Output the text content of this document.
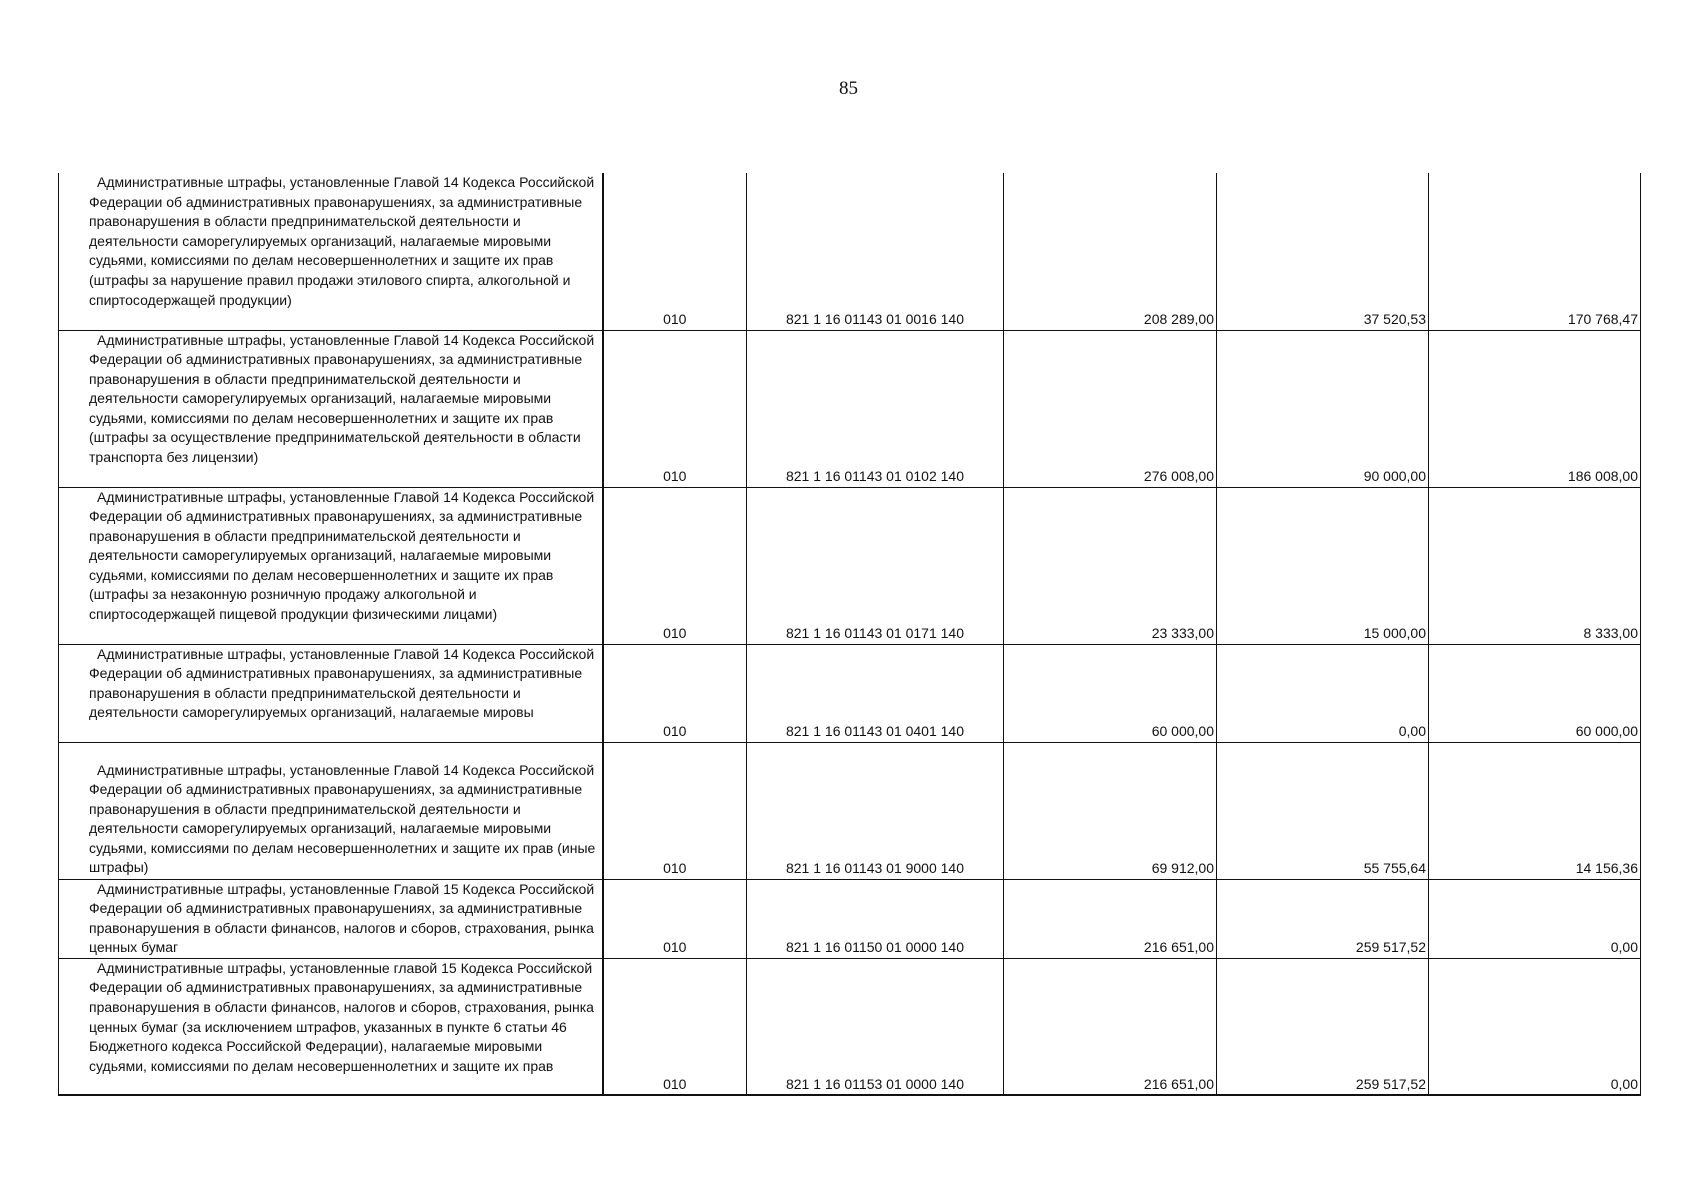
85
Административные штрафы, установленные Главой 14 Кодекса Российской Федерации об административных правонарушениях, за административные правонарушения в области предпринимательской деятельности и деятельности саморегулируемых организаций, налагаемые мировыми судьями, комиссиями по делам несовершеннолетних и защите их прав (штрафы за нарушение правил продажи этилового спирта, алкогольной и спиртосодержащей продукции)	010	821 1 16 01143 01 0016 140	208 289,00	37 520,53	170 768,47
Административные штрафы, установленные Главой 14 Кодекса Российской Федерации об административных правонарушениях, за административные правонарушения в области предпринимательской деятельности и деятельности саморегулируемых организаций, налагаемые мировыми судьями, комиссиями по делам несовершеннолетних и защите их прав (штрафы за осуществление предпринимательской деятельности в области транспорта без лицензии)	010	821 1 16 01143 01 0102 140	276 008,00	90 000,00	186 008,00
Административные штрафы, установленные Главой 14 Кодекса Российской Федерации об административных правонарушениях, за административные правонарушения в области предпринимательской деятельности и деятельности саморегулируемых организаций, налагаемые мировыми судьями, комиссиями по делам несовершеннолетних и защите их прав (штрафы за незаконную розничную продажу алкогольной и спиртосодержащей пищевой продукции физическими лицами)	010	821 1 16 01143 01 0171 140	23 333,00	15 000,00	8 333,00
Административные штрафы, установленные Главой 14 Кодекса Российской Федерации об административных правонарушениях, за административные правонарушения в области предпринимательской деятельности и деятельности саморегулируемых организаций, налагаемые мировы	010	821 1 16 01143 01 0401 140	60 000,00	0,00	60 000,00
Административные штрафы, установленные Главой 14 Кодекса Российской Федерации об административных правонарушениях, за административные правонарушения в области предпринимательской деятельности и деятельности саморегулируемых организаций, налагаемые мировыми судьями, комиссиями по делам несовершеннолетних и защите их прав (иные штрафы)	010	821 1 16 01143 01 9000 140	69 912,00	55 755,64	14 156,36
Административные штрафы, установленные Главой 15 Кодекса Российской Федерации об административных правонарушениях, за административные правонарушения в области финансов, налогов и сборов, страхования, рынка ценных бумаг	010	821 1 16 01150 01 0000 140	216 651,00	259 517,52	0,00
Административные штрафы, установленные главой 15 Кодекса Российской Федерации об административных правонарушениях, за административные правонарушения в области финансов, налогов и сборов, страхования, рынка ценных бумаг (за исключением штрафов, указанных в пункте 6 статьи 46 Бюджетного кодекса Российской Федерации), налагаемые мировыми судьями, комиссиями по делам несовершеннолетних и защите их прав	010	821 1 16 01153 01 0000 140	216 651,00	259 517,52	0,00
